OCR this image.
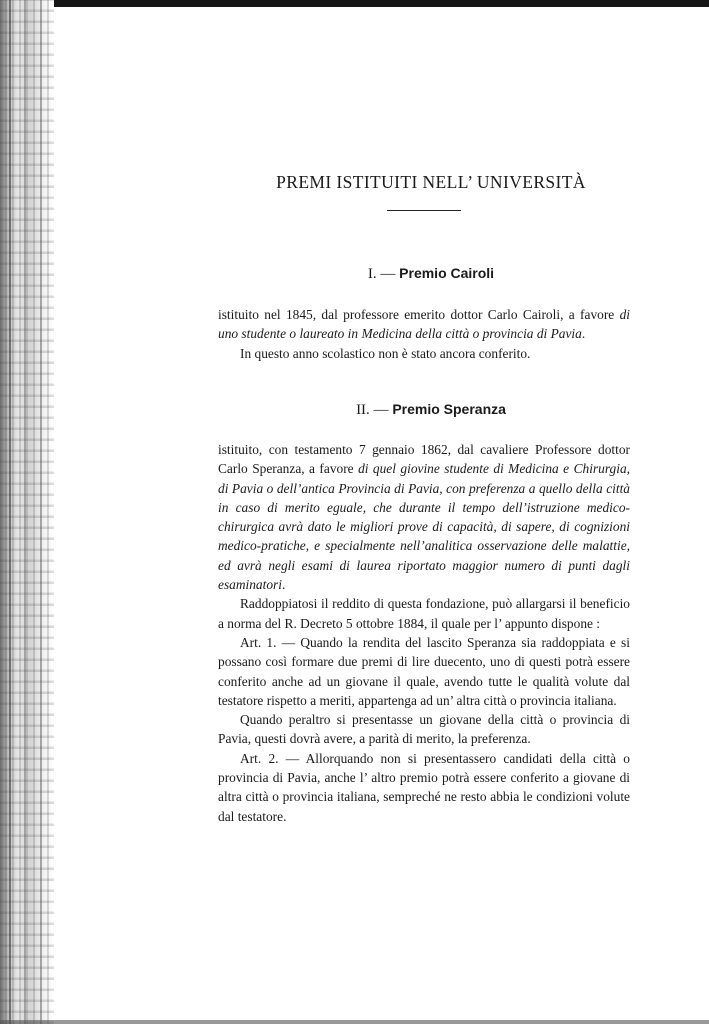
PREMI ISTITUITI NELL’ UNIVERSITÀ
I. — Premio Cairoli

istituito nel 1845, dal professore emerito dottor Carlo Cairoli, a favore di uno studente o laureato in Medicina della città o provincia di Pavia.

In questo anno scolastico non è stato ancora conferito.

II. — Premio Speranza

istituito, con testamento 7 gennaio 1862, dal cavaliere Professore dottor Carlo Speranza, a favore di quel giovine studente di Medicina e Chirurgia, di Pavia o dell’antica Provincia di Pavia, con preferenza a quello della città in caso di merito eguale, che durante il tempo dell’istruzione medico-chirurgica avrà dato le migliori prove di capacità, di sapere, di cognizioni medico-pratiche, e specialmente nell’analitica osservazione delle malattie, ed avrà negli esami di laurea riportato maggior numero di punti dagli esaminatori.

Raddoppiatosi il reddito di questa fondazione, può allargarsi il beneficio a norma del R. Decreto 5 ottobre 1884, il quale per l’ appunto dispone :

Art. 1. — Quando la rendita del lascito Speranza sia raddoppiata e si possano così formare due premi di lire duecento, uno di questi potrà essere conferito anche ad un giovane il quale, avendo tutte le qualità volute dal testatore rispetto a meriti, appartenga ad un’ altra città o provincia italiana.

Quando peraltro si presentasse un giovane della città o provincia di Pavia, questi dovrà avere, a parità di merito, la preferenza.

Art. 2. — Allorquando non si presentassero candidati della città o provincia di Pavia, anche l’ altro premio potrà essere conferito a giovane di altra città o provincia italiana, sempreché ne resto abbia le condizioni volute dal testatore.
